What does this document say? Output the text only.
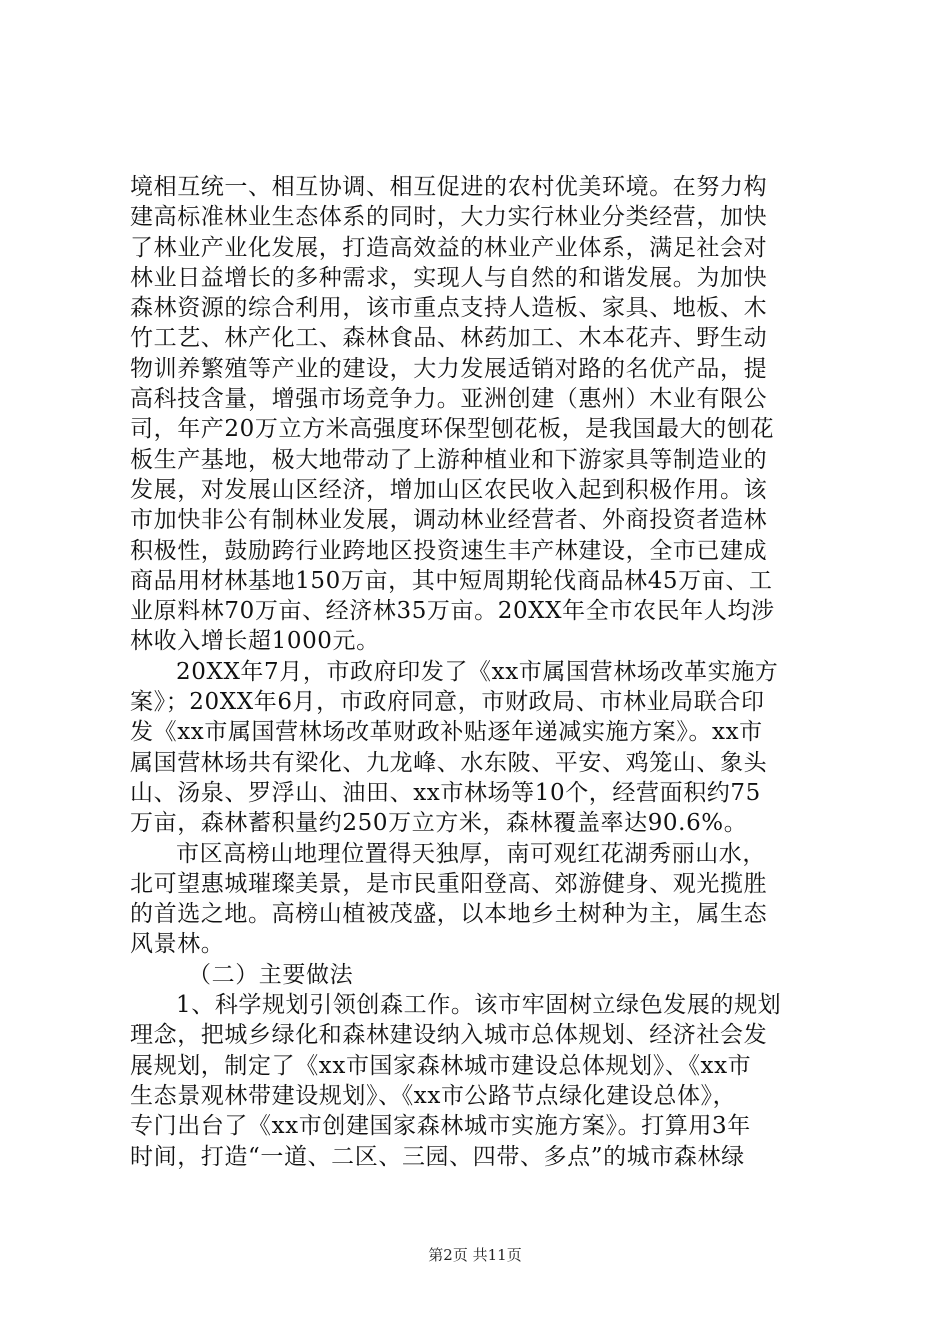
境相互统一、相互协调、相互促进的农村优美环境。在努力构
建高标准林业生态体系的同时，大力实行林业分类经营，加快
了林业产业化发展，打造高效益的林业产业体系，满足社会对
林业日益增长的多种需求，实现人与自然的和谐发展。为加快
森林资源的综合利用，该市重点支持人造板、家具、地板、木
竹工艺、林产化工、森林食品、林药加工、木本花卉、野生动
物训养繁殖等产业的建设，大力发展适销对路的名优产品，提
高科技含量，增强市场竞争力。亚洲创建（惠州）木业有限公
司，年产20万立方米高强度环保型刨花板，是我国最大的刨花
板生产基地，极大地带动了上游种植业和下游家具等制造业的
发展，对发展山区经济，增加山区农民收入起到积极作用。该
市加快非公有制林业发展，调动林业经营者、外商投资者造林
积极性，鼓励跨行业跨地区投资速生丰产林建设，全市已建成
商品用材林基地150万亩，其中短周期轮伐商品林45万亩、工
业原料林70万亩、经济林35万亩。20XX年全市农民年人均涉
林收入增长超1000元。
20XX年7月，市政府印发了《xx市属国营林场改革实施方
案》；20XX年6月，市政府同意，市财政局、市林业局联合印
发《xx市属国营林场改革财政补贴逐年递减实施方案》。xx市
属国营林场共有梁化、九龙峰、水东陂、平安、鸡笼山、象头
山、汤泉、罗浮山、油田、xx市林场等10个，经营面积约75
万亩，森林蓄积量约250万立方米，森林覆盖率达90.6%。
市区高榜山地理位置得天独厚，南可观红花湖秀丽山水，
北可望惠城璀璨美景，是市民重阳登高、郊游健身、观光揽胜
的首选之地。高榜山植被茂盛，以本地乡土树种为主，属生态
风景林。
（二）主要做法
1、科学规划引领创森工作。该市牢固树立绿色发展的规划
理念，把城乡绿化和森林建设纳入城市总体规划、经济社会发
展规划，制定了《xx市国家森林城市建设总体规划》、《xx市
生态景观林带建设规划》、《xx市公路节点绿化建设总体》，
专门出台了《xx市创建国家森林城市实施方案》。打算用3年
时间，打造“一道、二区、三园、四带、多点”的城市森林绿
第2页 共11页
